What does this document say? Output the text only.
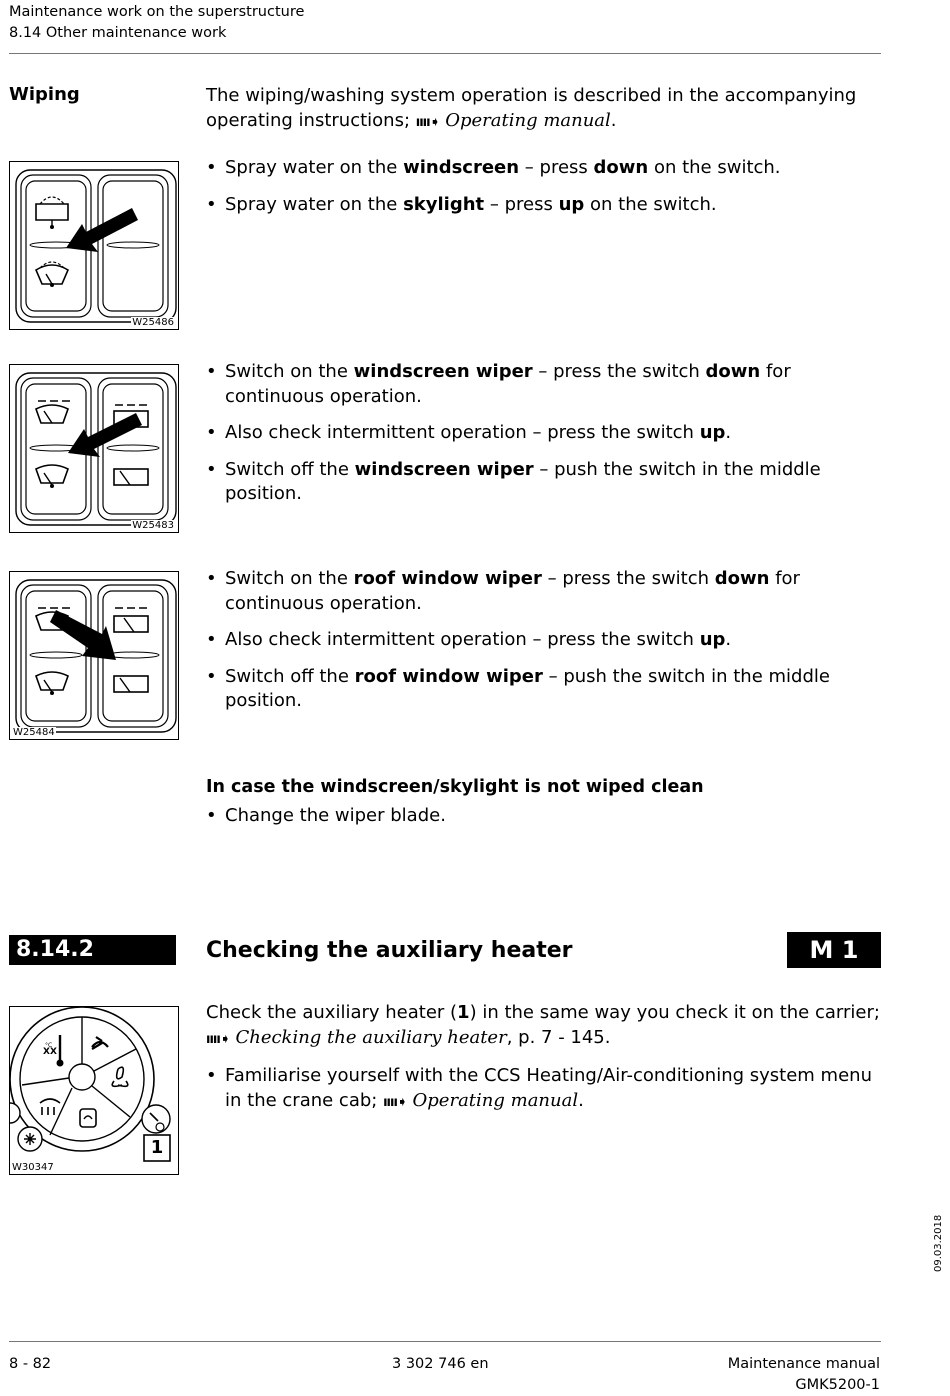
Maintenance work on the superstructure
8.14 Other maintenance work
Wiping	The wiping/washing system operation is described in the accompanying operating instructions; ıııı➧ Operating manual.
W25486
• Spray water on the windscreen – press down on the switch.
• Spray water on the skylight – press up on the switch.
W25483
• Switch on the windscreen wiper – press the switch down for continuous operation.
• Also check intermittent operation – press the switch up.
• Switch off the windscreen wiper – push the switch in the middle position.
W25484
• Switch on the roof window wiper – press the switch down for continuous operation.
• Also check intermittent operation – press the switch up.
• Switch off the roof window wiper – push the switch in the middle position.
In case the windscreen/skylight is not wiped clean
• Change the wiper blade.
8.14.2	Checking the auxiliary heater	M 1
°C
XX
1
W30347

Check the auxiliary heater (1) in the same way you check it on the carrier;
ıııı➧ Checking the auxiliary heater, p. 7 - 145.

• Familiarise yourself with the CCS Heating/Air-conditioning system menu in the crane cab; ıııı➧ Operating manual.
09.03.2018
8 - 82	3 302 746 en	Maintenance manual
GMK5200-1
